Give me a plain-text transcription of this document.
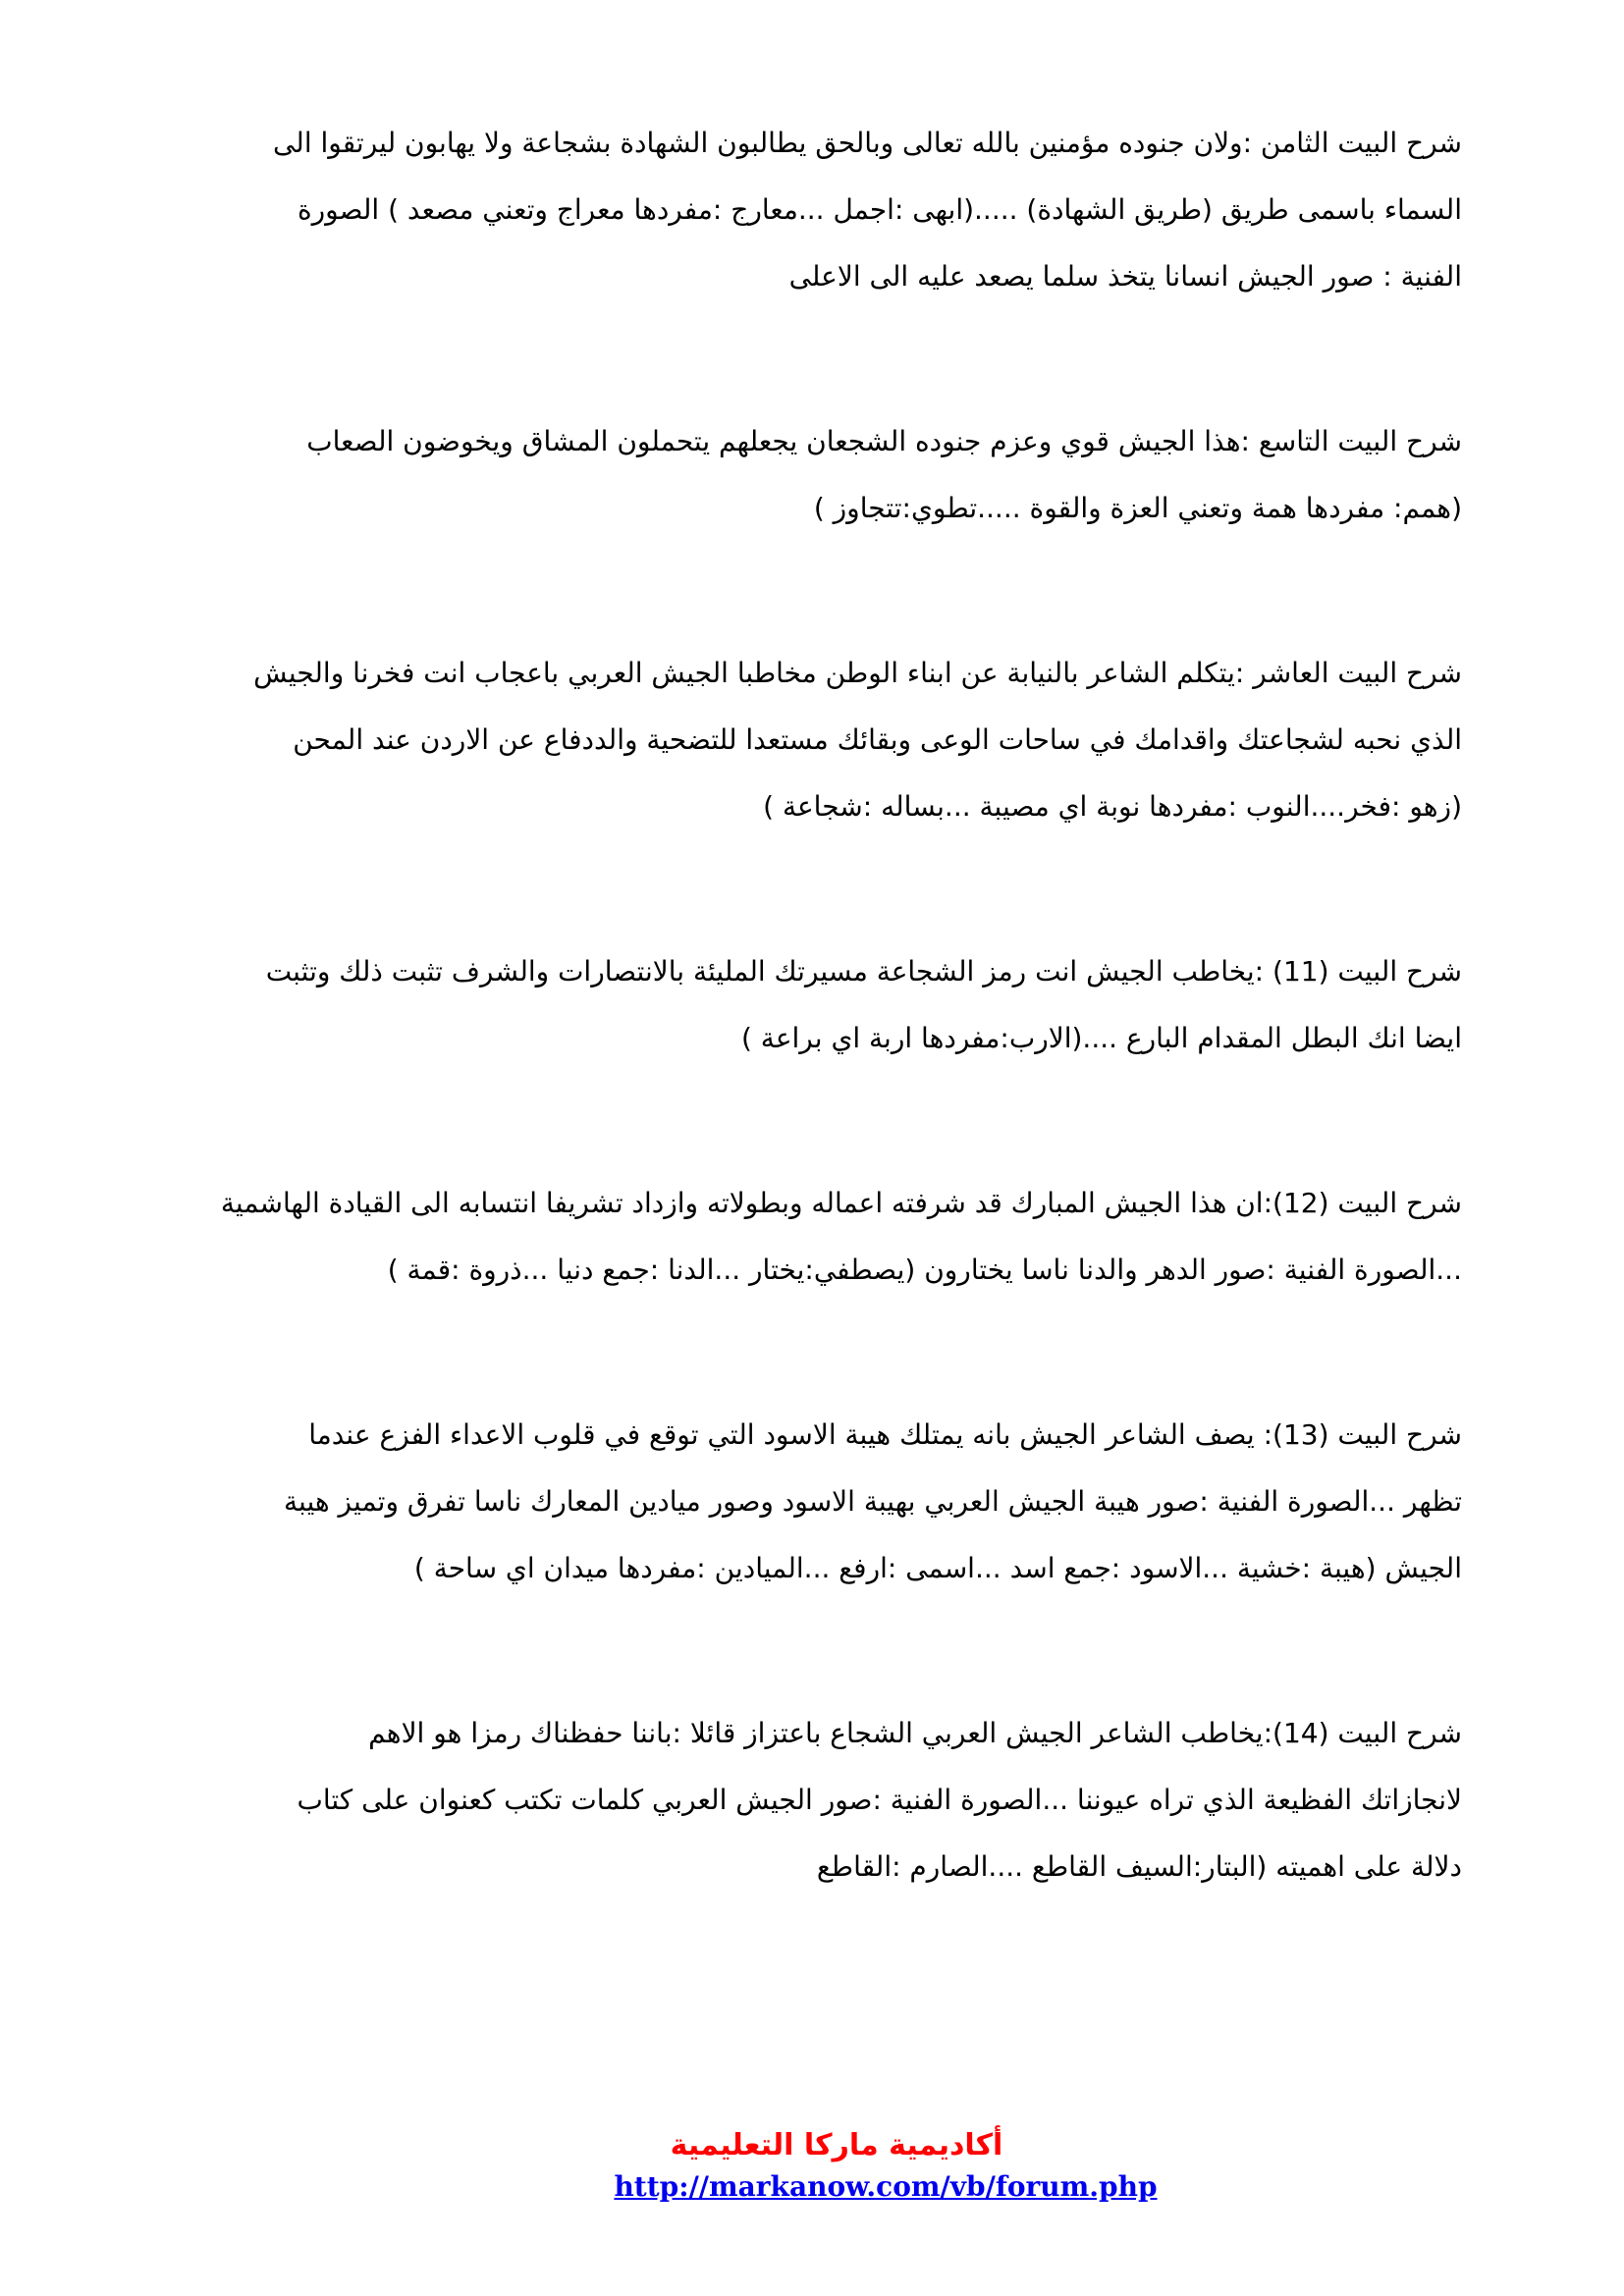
شرح البيت الثامن :ولان جنوده مؤمنين بالله تعالى وبالحق يطالبون الشهادة بشجاعة ولا يهابون ليرتقوا الى

السماء باسمى طريق (طريق الشهادة) .....(ابهى :اجمل ...معارج :مفردها معراج وتعني مصعد ) الصورة

الفنية : صور الجيش انسانا يتخذ سلما يصعد عليه الى الاعلى

شرح البيت التاسع :هذا الجيش قوي وعزم جنوده الشجعان يجعلهم يتحملون المشاق ويخوضون الصعاب

(همم: مفردها همة وتعني العزة والقوة .....تطوي:تتجاوز )

شرح البيت العاشر :يتكلم الشاعر بالنيابة عن ابناء الوطن مخاطبا الجيش العربي باعجاب انت فخرنا والجيش

الذي نحبه لشجاعتك واقدامك في ساحات الوعى وبقائك مستعدا للتضحية والددفاع عن الاردن عند المحن

(زهو :فخر....النوب :مفردها نوبة اي مصيبة ...بساله :شجاعة )

شرح البيت (11) :يخاطب الجيش انت رمز الشجاعة مسيرتك المليئة بالانتصارات والشرف تثبت ذلك وتثبت

ايضا انك البطل المقدام البارع ....(الارب:مفردها اربة اي براعة )

شرح البيت (12):ان هذا الجيش المبارك قد شرفته اعماله وبطولاته وازداد تشريفا انتسابه الى القيادة الهاشمية

...الصورة الفنية :صور الدهر والدنا ناسا يختارون (يصطفي:يختار ...الدنا :جمع دنيا ...ذروة :قمة )

شرح البيت (13): يصف الشاعر الجيش بانه يمتلك هيبة الاسود التي توقع في قلوب الاعداء الفزع عندما

تظهر ...الصورة الفنية :صور هيبة الجيش العربي بهيبة الاسود وصور ميادين المعارك ناسا تفرق وتميز هيبة

الجيش (هيبة :خشية ...الاسود :جمع اسد ...اسمى :ارفع ...الميادين :مفردها ميدان اي ساحة )

شرح البيت (14):يخاطب الشاعر الجيش العربي الشجاع باعتزاز قائلا :باننا حفظناك رمزا هو الاهم

لانجازاتك الفظيعة الذي تراه عيوننا ...الصورة الفنية :صور الجيش العربي كلمات تكتب كعنوان على كتاب

دلالة على اهميته (البتار:السيف القاطع ....الصارم :القاطع

أكاديمية ماركا التعليمية
http://markanow.com/vb/forum.php
